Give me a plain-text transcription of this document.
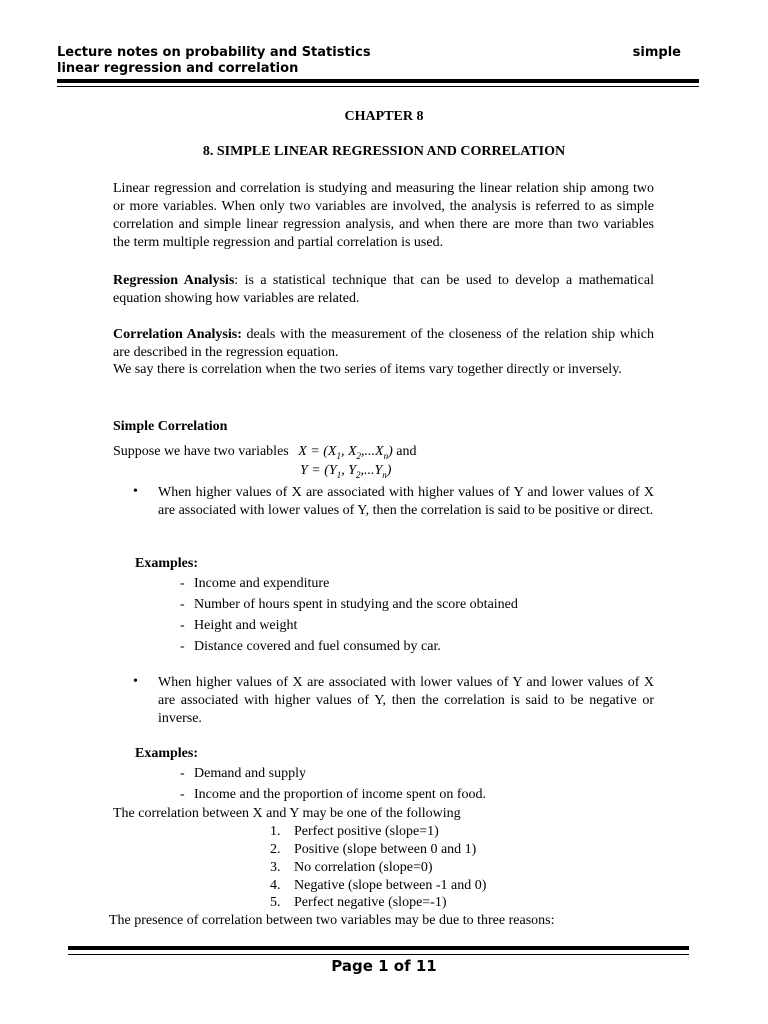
Lecture notes on probability and Statistics
linear regression and correlation
simple
CHAPTER 8
8. SIMPLE LINEAR REGRESSION AND CORRELATION
Linear regression and correlation is studying and measuring the linear relation ship among two or more variables. When only two variables are involved, the analysis is referred to as simple correlation and simple linear regression analysis, and when there are more than two variables the term multiple regression and partial correlation is used.
Regression Analysis: is a statistical technique that can be used to develop a mathematical equation showing how variables are related.
Correlation Analysis: deals with the measurement of the closeness of the relation ship which are described in the regression equation.
We say there is correlation when the two series of items vary together directly or inversely.
Simple Correlation
Suppose we have two variables $X = (X_1$, $X_2,...X_n$) and
$Y = (Y_1$, $Y_2,...Y_n$)
• When higher values of X are associated with higher values of Y and lower values of X are associated with lower values of Y, then the correlation is said to be positive or direct.
Examples:
- Income and expenditure
- Number of hours spent in studying and the score obtained
- Height and weight
- Distance covered and fuel consumed by car.
• When higher values of X are associated with lower values of Y and lower values of X are associated with higher values of Y, then the correlation is said to be negative or inverse.
Examples:
- Demand and supply
- Income and the proportion of income spent on food.
The correlation between X and Y may be one of the following
1. Perfect positive (slope=1)
2. Positive (slope between 0 and 1)
3. No correlation (slope=0)
4. Negative (slope between -1 and 0)
5. Perfect negative (slope=-1)
The presence of correlation between two variables may be due to three reasons:
Page 1 of 11
